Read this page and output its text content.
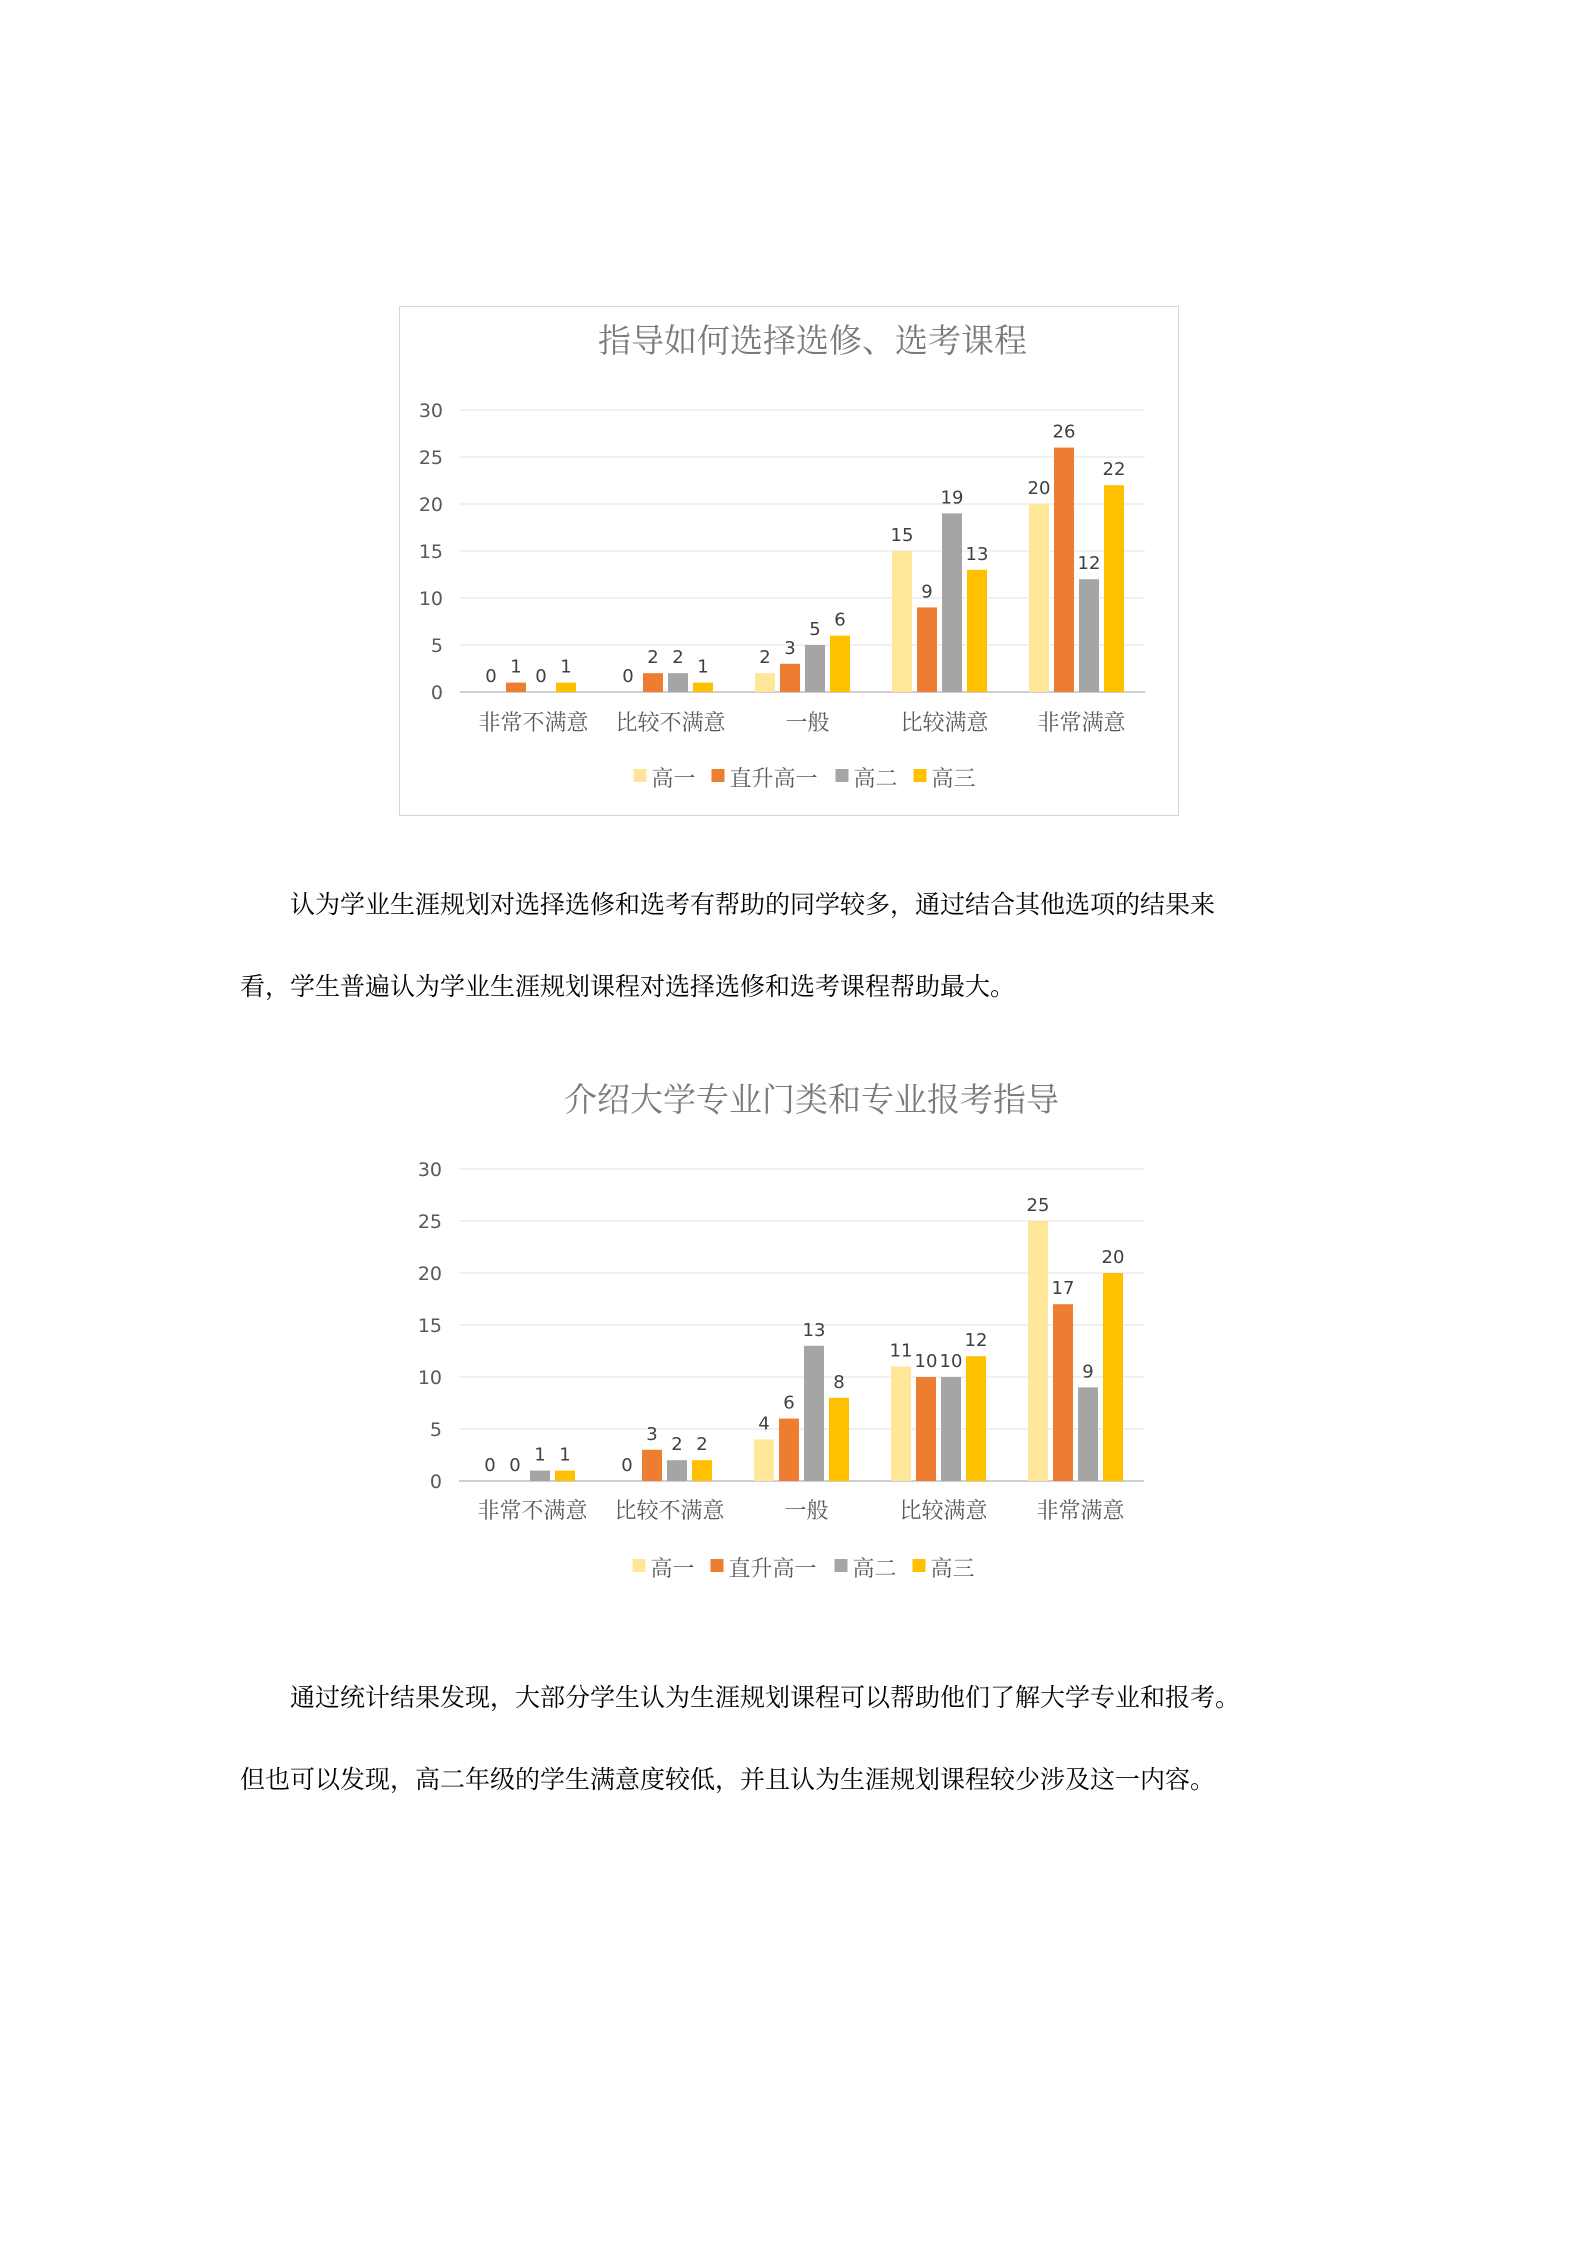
指导如何选择选修、选考课程
0
5
10
15
20
25
30
0 1 0 1
非常不满意
0
2 2 1
比较不满意
2 3
5 6
一般
15
9
19
13
比较满意
20
26
12
22
非常满意
高一 直升高一 高二 高三

　　认为学业生涯规划对选择选修和选考有帮助的同学较多，通过结合其他选项的结果来

看，学生普遍认为学业生涯规划课程对选择选修和选考课程帮助最大。

介绍大学专业门类和专业报考指导
0
5
10
15
20
25
30
0 0 1 1
非常不满意
0
3 2 2
比较不满意
4
6
13
8
一般
11 10 10
12
比较满意
25
17
9
20
非常满意
高一 直升高一 高二 高三

　　通过统计结果发现，大部分学生认为生涯规划课程可以帮助他们了解大学专业和报考。

但也可以发现，高二年级的学生满意度较低，并且认为生涯规划课程较少涉及这一内容。
